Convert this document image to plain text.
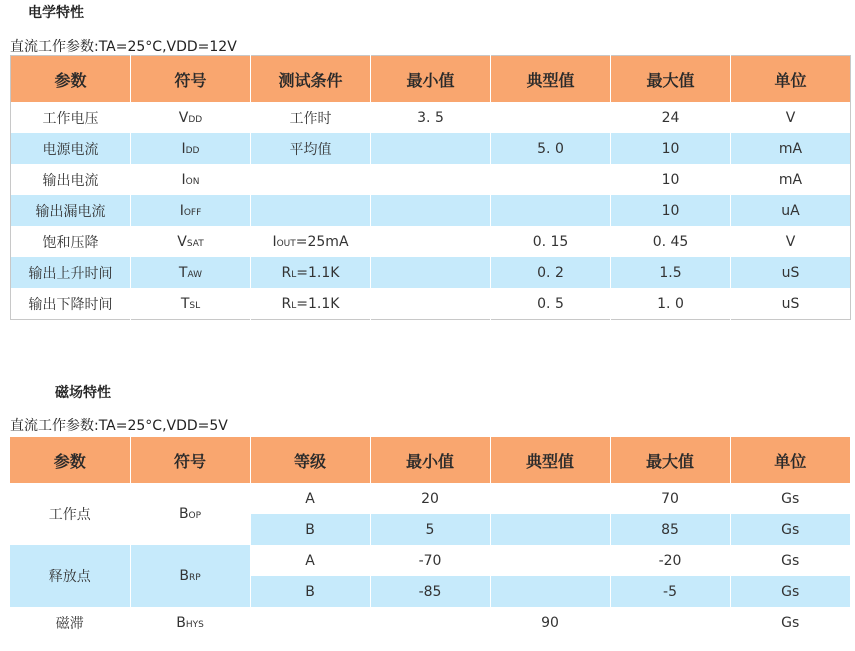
电学特性
直流工作参数:TA=25°C,VDD=12V
参数	符号	测试条件	最小值	典型值	最大值	单位
工作电压	VDD	工作时	3. 5		24	V
电源电流	IDD	平均值		5. 0	10	mA
输出电流	ION				10	mA
输出漏电流	IOFF				10	uA
饱和压降	VSAT	IOUT=25mA		0. 15	0. 45	V
输出上升时间	TAW	RL=1.1K		0. 2	1.5	uS
输出下降时间	TSL	RL=1.1K		0. 5	1. 0	uS
磁场特性
直流工作参数:TA=25°C,VDD=5V
参数	符号	等级	最小值	典型值	最大值	单位
工作点	BOP	A	20		70	Gs
		B	5		85	Gs
释放点	BRP	A	-70		-20	Gs
		B	-85		-5	Gs
磁滞	BHYS			90		Gs
